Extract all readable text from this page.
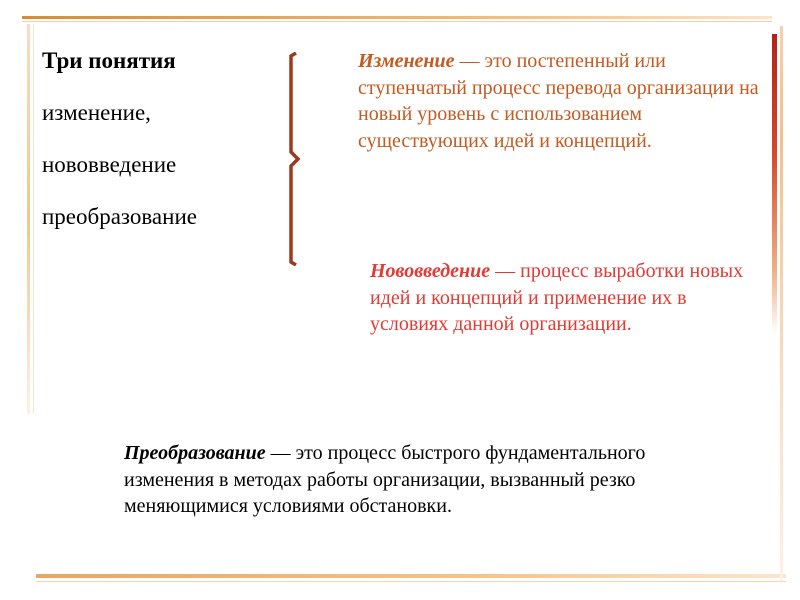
Три понятия
изменение,
нововведение
преобразование
Изменение — это постепенный или ступенчатый процесс перевода организации на новый уровень с использованием существующих идей и концепций.
Нововведение — процесс выработки новых идей и концепций и применение их в условиях данной организации.
Преобразование — это процесс быстрого фундаментального изменения в методах работы организации, вызванный резко меняющимися условиями обстановки.
